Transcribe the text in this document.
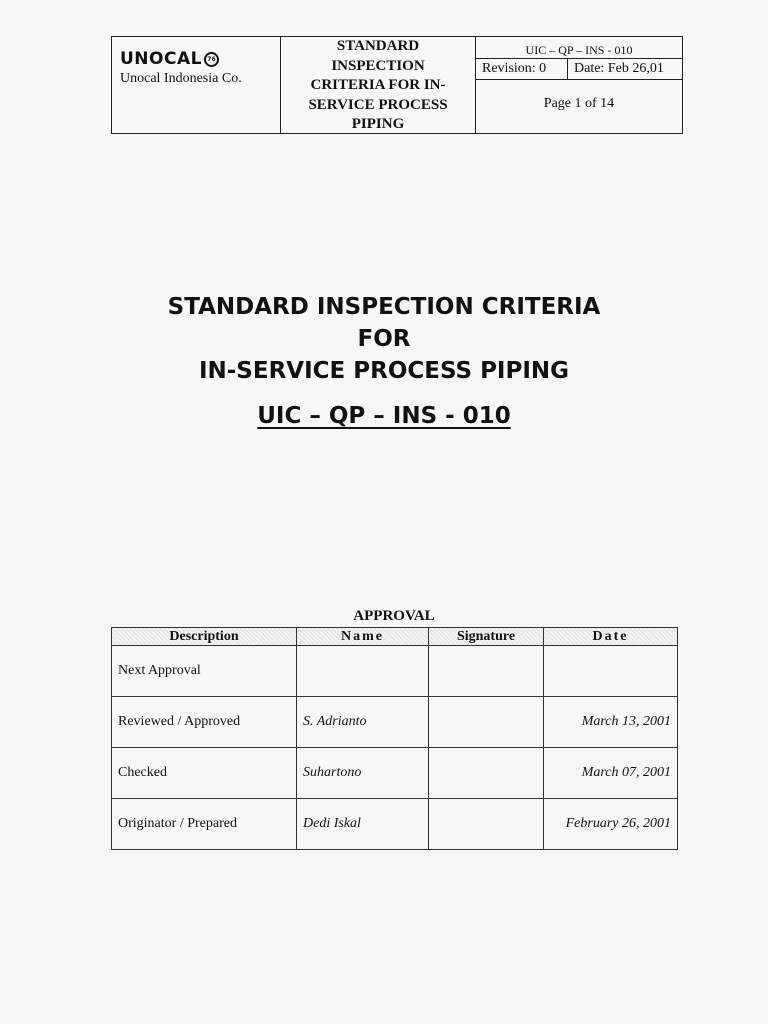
UNOCAL 76
Unocal Indonesia Co.
STANDARD
INSPECTION
CRITERIA FOR IN-
SERVICE PROCESS
PIPING
UIC – QP – INS - 010
Revision: 0	Date: Feb 26,01
Page 1 of 14
STANDARD INSPECTION CRITERIA
FOR
IN-SERVICE PROCESS PIPING
UIC – QP – INS - 010
APPROVAL
Description	Name	Signature	Date
Next Approval			
Reviewed / Approved	S. Adrianto		March 13, 2001
Checked	Suhartono		March 07, 2001
Originator / Prepared	Dedi Iskal		February 26, 2001
